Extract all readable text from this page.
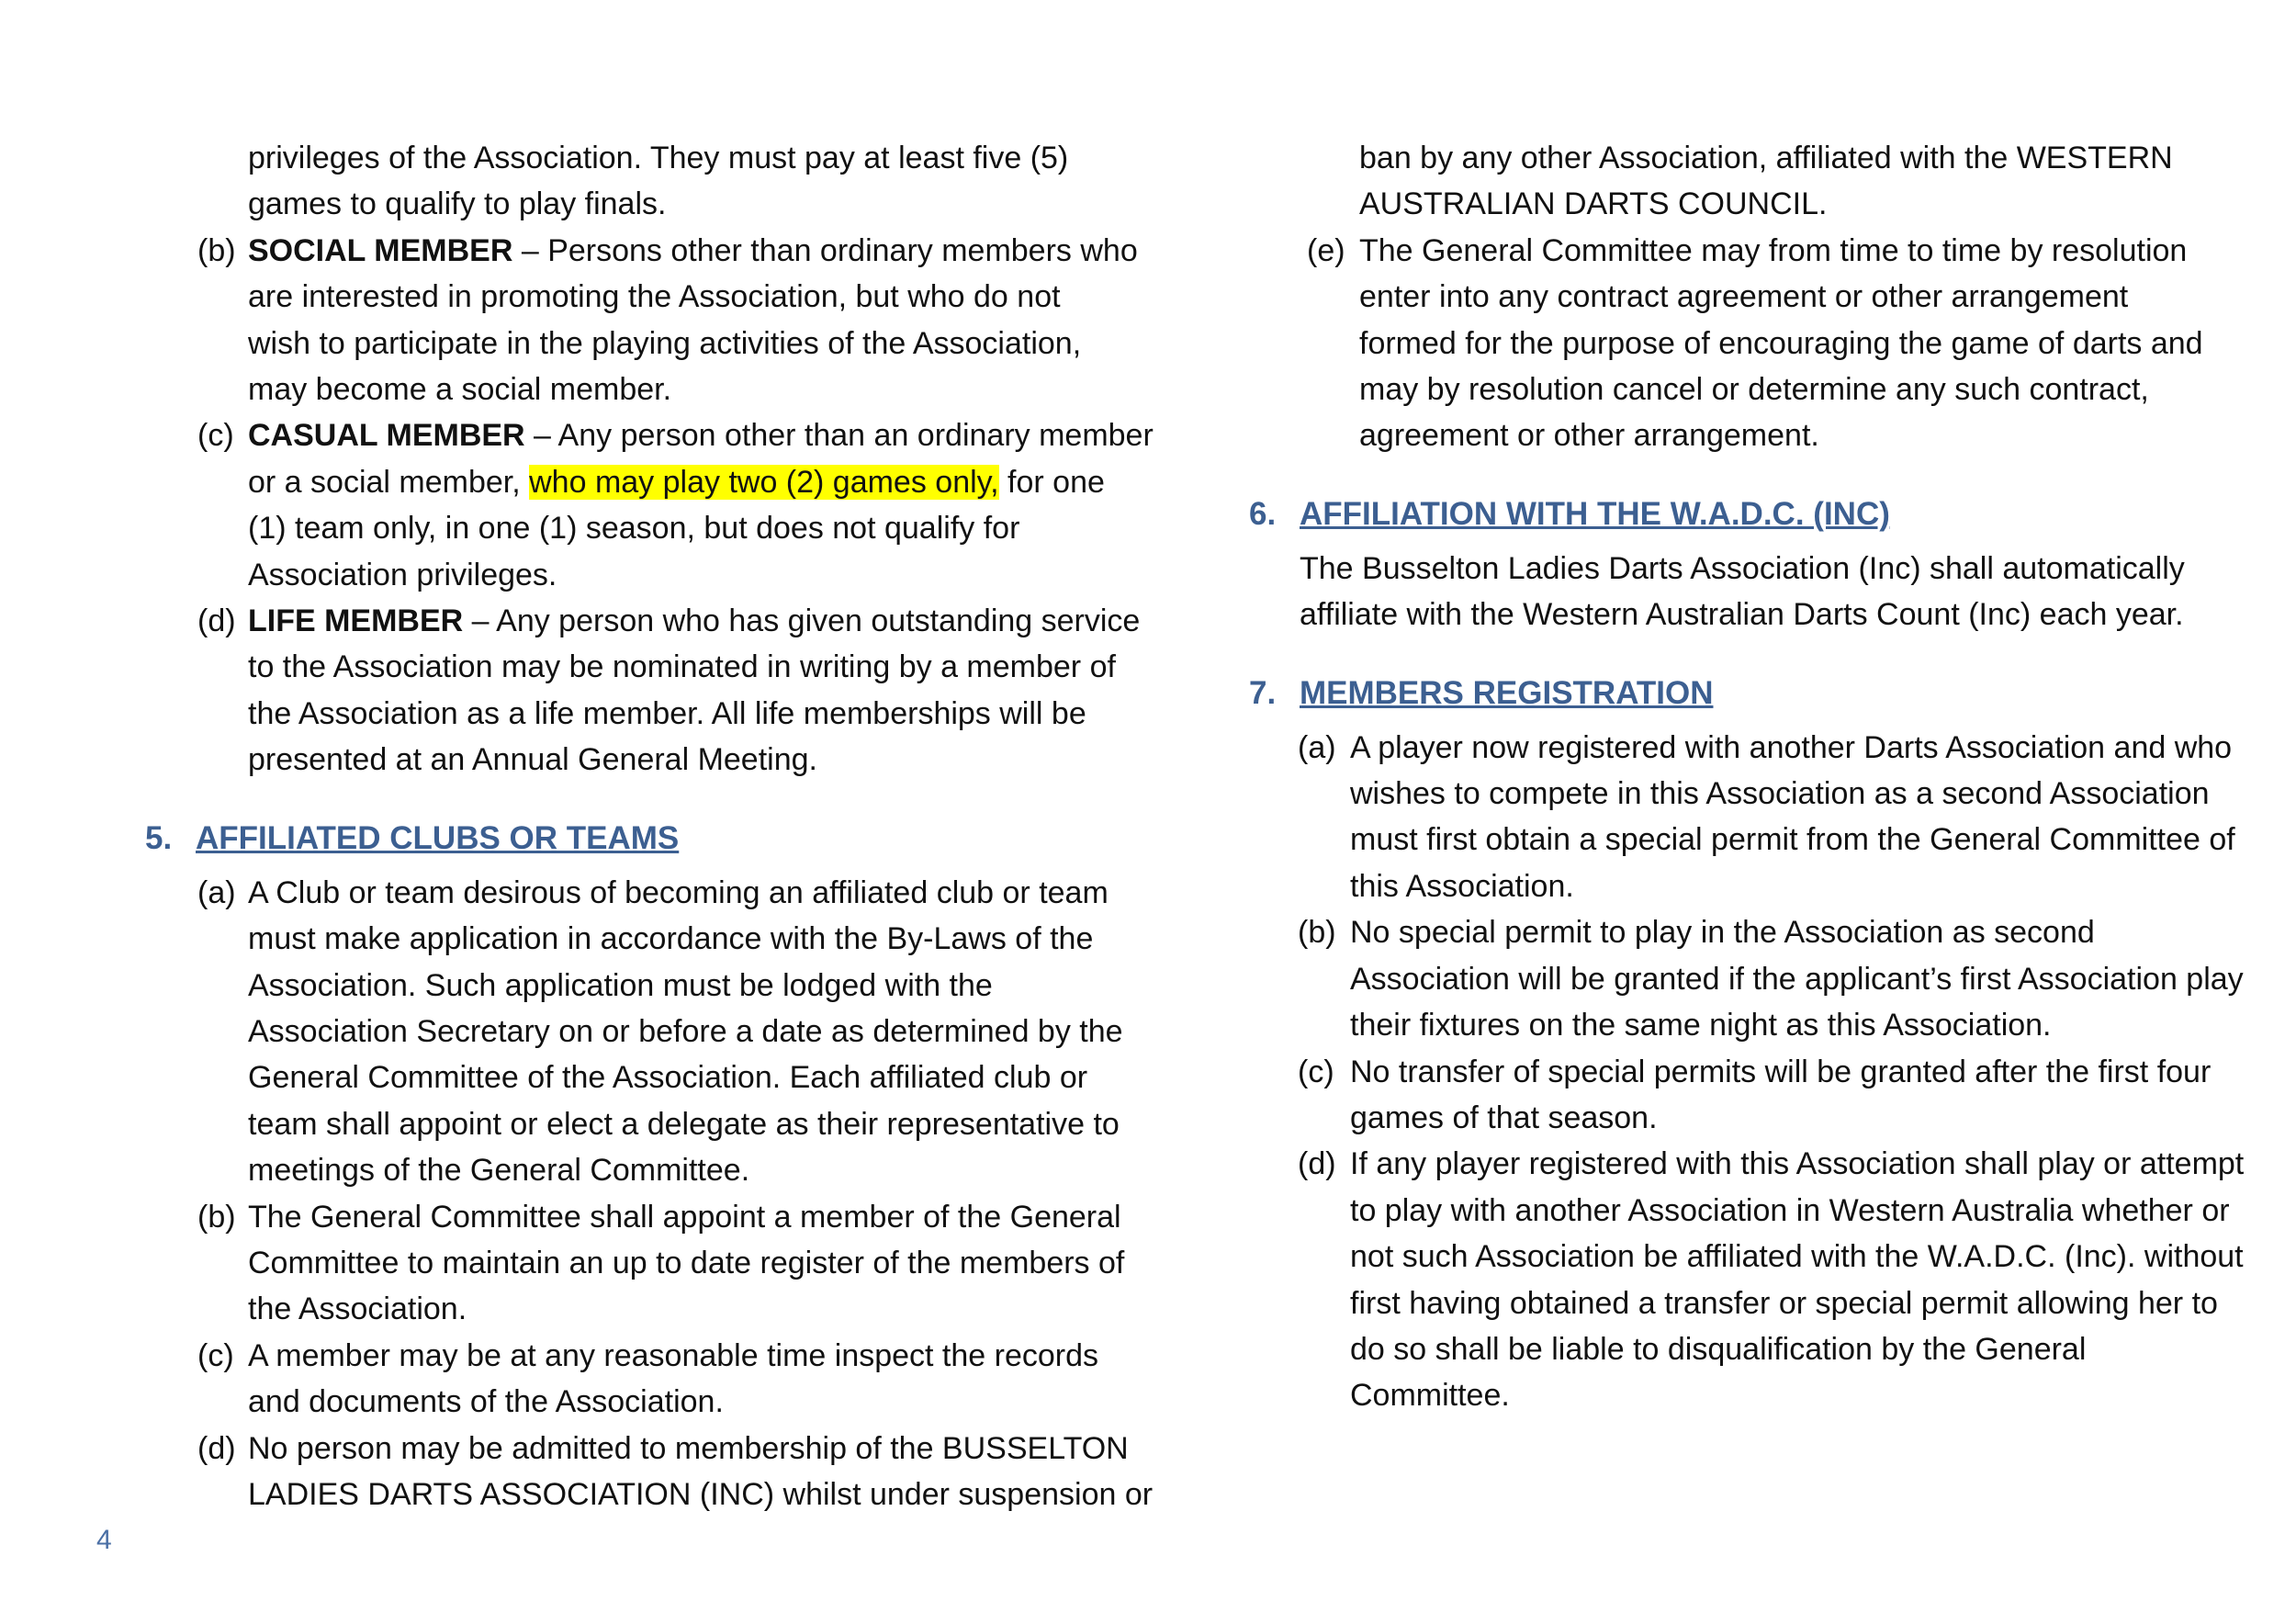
privileges of the Association. They must pay at least five (5)
games to qualify to play finals.
(b) SOCIAL MEMBER – Persons other than ordinary members who
are interested in promoting the Association, but who do not
wish to participate in the playing activities of the Association,
may become a social member.
(c) CASUAL MEMBER – Any person other than an ordinary member
or a social member, who may play two (2) games only, for one
(1) team only, in one (1) season, but does not qualify for
Association privileges.
(d) LIFE MEMBER – Any person who has given outstanding service
to the Association may be nominated in writing by a member of
the Association as a life member. All life memberships will be
presented at an Annual General Meeting.
5. AFFILIATED CLUBS OR TEAMS
(a) A Club or team desirous of becoming an affiliated club or team
must make application in accordance with the By-Laws of the
Association. Such application must be lodged with the
Association Secretary on or before a date as determined by the
General Committee of the Association. Each affiliated club or
team shall appoint or elect a delegate as their representative to
meetings of the General Committee.
(b) The General Committee shall appoint a member of the General
Committee to maintain an up to date register of the members of
the Association.
(c) A member may be at any reasonable time inspect the records
and documents of the Association.
(d) No person may be admitted to membership of the BUSSELTON
LADIES DARTS ASSOCIATION (INC) whilst under suspension or
ban by any other Association, affiliated with the WESTERN
AUSTRALIAN DARTS COUNCIL.
(e) The General Committee may from time to time by resolution
enter into any contract agreement or other arrangement
formed for the purpose of encouraging the game of darts and
may by resolution cancel or determine any such contract,
agreement or other arrangement.
6. AFFILIATION WITH THE W.A.D.C. (INC)
The Busselton Ladies Darts Association (Inc) shall automatically
affiliate with the Western Australian Darts Count (Inc) each year.
7. MEMBERS REGISTRATION
(a) A player now registered with another Darts Association and who
wishes to compete in this Association as a second Association
must first obtain a special permit from the General Committee of
this Association.
(b) No special permit to play in the Association as second
Association will be granted if the applicant’s first Association play
their fixtures on the same night as this Association.
(c) No transfer of special permits will be granted after the first four
games of that season.
(d) If any player registered with this Association shall play or attempt
to play with another Association in Western Australia whether or
not such Association be affiliated with the W.A.D.C. (Inc). without
first having obtained a transfer or special permit allowing her to
do so shall be liable to disqualification by the General
Committee.
4
